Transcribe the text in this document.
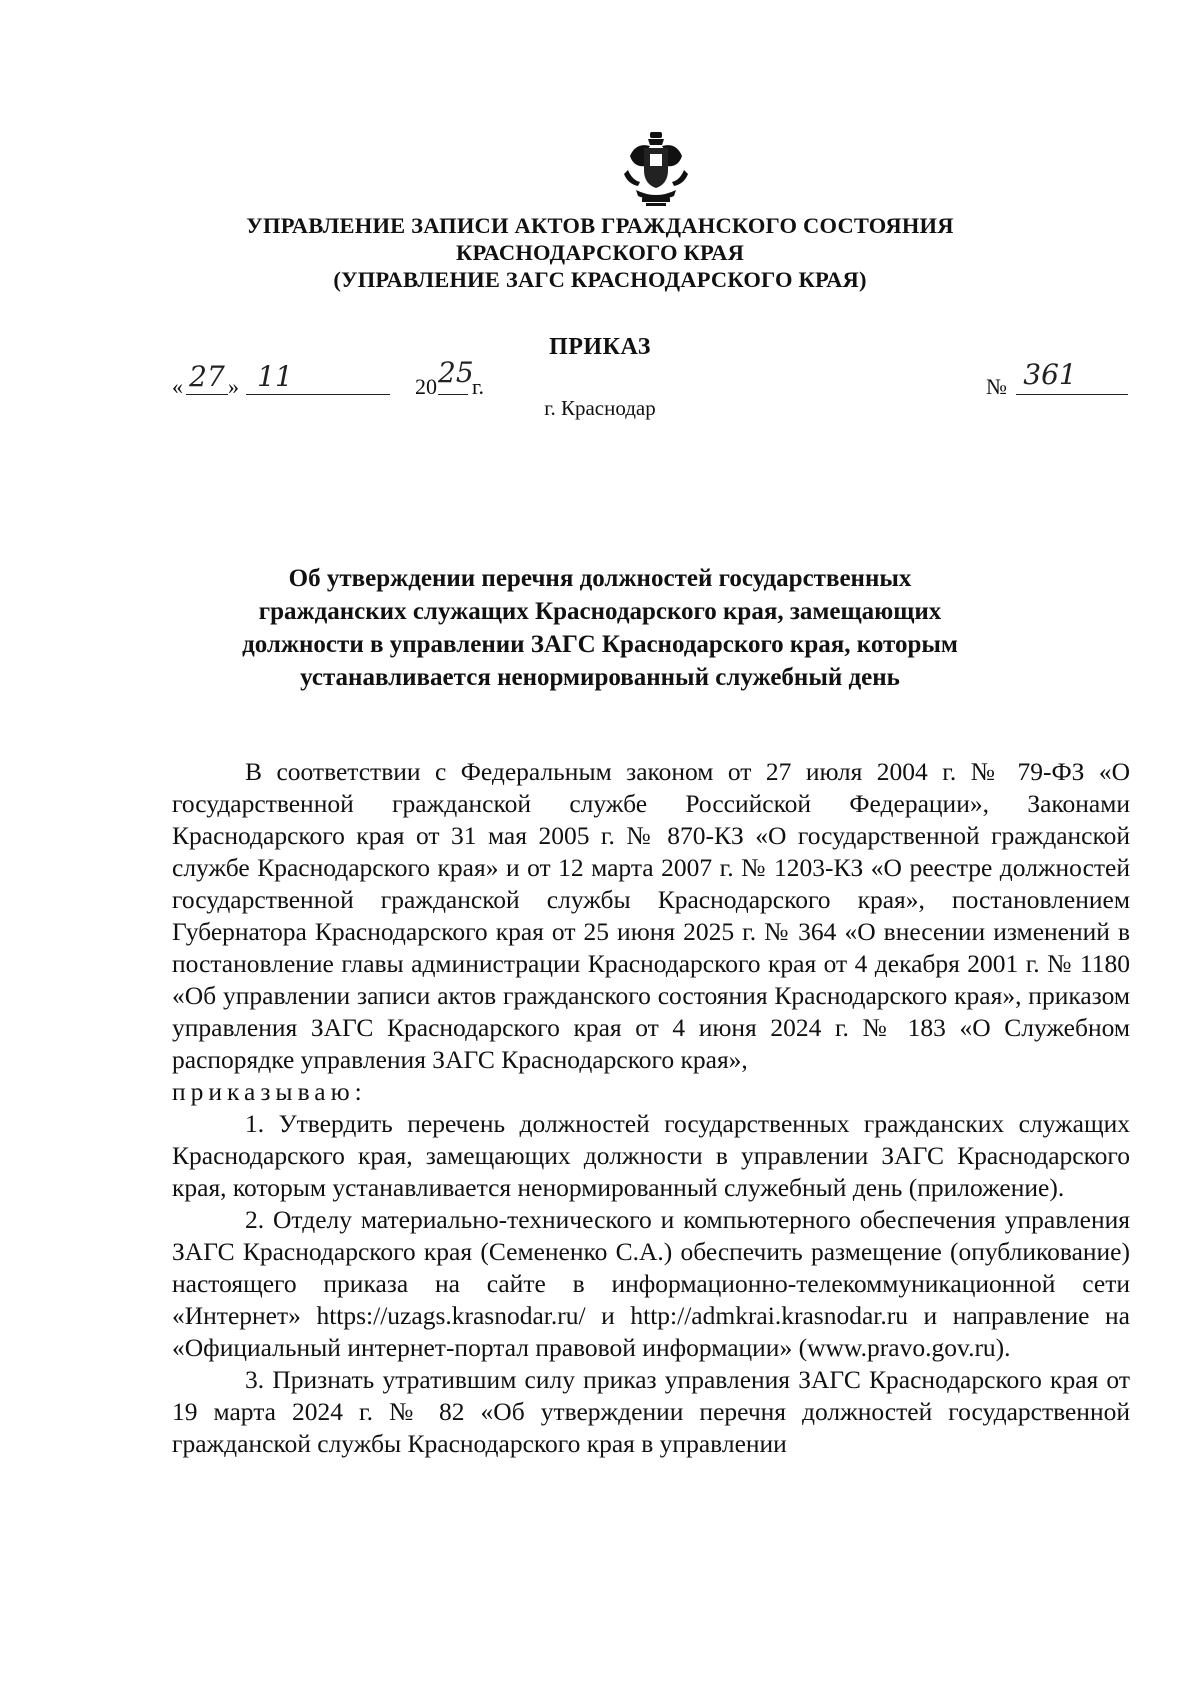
УПРАВЛЕНИЕ ЗАПИСИ АКТОВ ГРАЖДАНСКОГО СОСТОЯНИЯ
КРАСНОДАРСКОГО КРАЯ
(УПРАВЛЕНИЕ ЗАГС КРАСНОДАРСКОГО КРАЯ)
ПРИКАЗ
« 27 » 11	20 25
г.	№ 361
г. Краснодар
Об утверждении перечня должностей государственных
гражданских служащих Краснодарского края, замещающих
должности в управлении ЗАГС Краснодарского края, которым
устанавливается ненормированный служебный день

В соответствии с Федеральным законом от 27 июля 2004 г. № 79-ФЗ «О государственной гражданской службе Российской Федерации», Законами Краснодарского края от 31 мая 2005 г. № 870-КЗ «О государственной гражданской службе Краснодарского края» и от 12 марта 2007 г. № 1203-КЗ «О реестре должностей государственной гражданской службы Краснодарского края», постановлением Губернатора Краснодарского края от 25 июня 2025 г. № 364 «О внесении изменений в постановление главы администрации Краснодарского края от 4 декабря 2001 г. № 1180 «Об управлении записи актов гражданского состояния Краснодарского края», приказом управления ЗАГС Краснодарского края от 4 июня 2024 г. № 183 «О Служебном распорядке управления ЗАГС Краснодарского края»,

приказываю:

1. Утвердить перечень должностей государственных гражданских служащих Краснодарского края, замещающих должности в управлении ЗАГС Краснодарского края, которым устанавливается ненормированный служебный день (приложение).

2. Отделу материально-технического и компьютерного обеспечения управления ЗАГС Краснодарского края (Семененко С.А.) обеспечить размещение (опубликование) настоящего приказа на сайте в информационно-телекоммуникационной сети «Интернет» https://uzags.krasnodar.ru/ и http://admkrai.krasnodar.ru и направление на «Официальный интернет-портал правовой информации» (www.pravo.gov.ru).

3. Признать утратившим силу приказ управления ЗАГС Краснодарского края от 19 марта 2024 г. № 82 «Об утверждении перечня должностей государственной гражданской службы Краснодарского края в управлении
